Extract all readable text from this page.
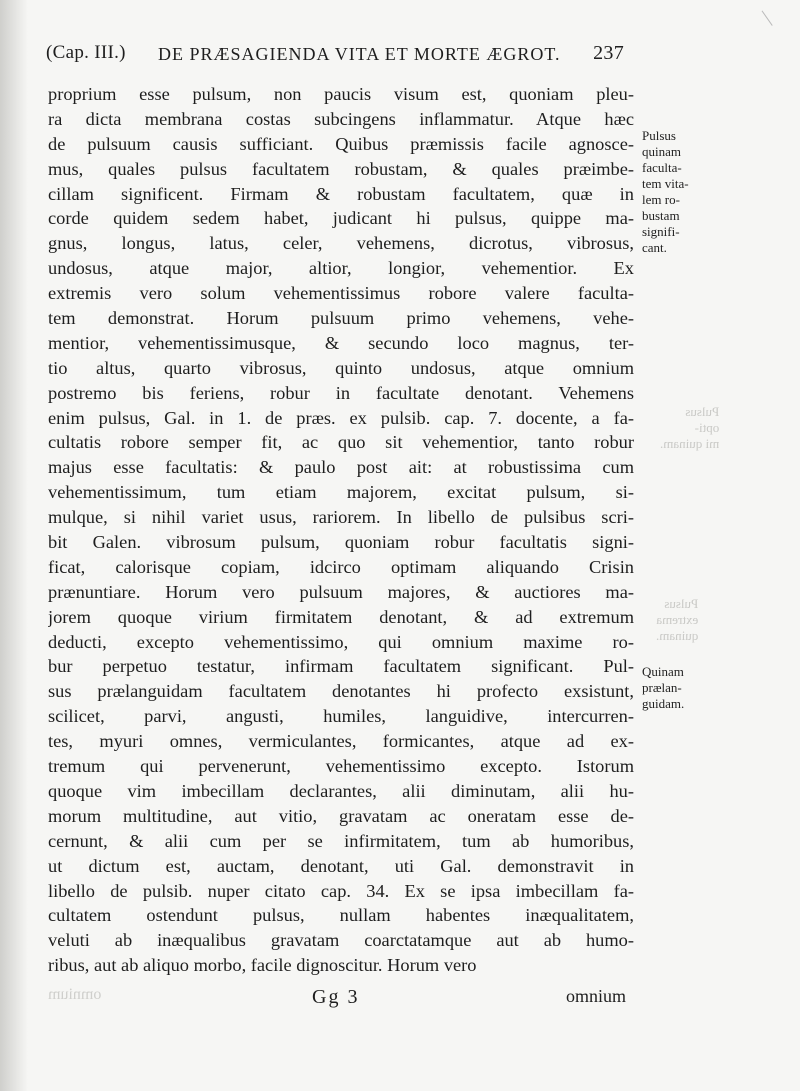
(Cap. III.) DE PRÆSAGIENDA VITA ET MORTE ÆGROT. 237
proprium esse pulsum, non paucis visum est, quoniam pleu-
ra dicta membrana costas subcingens inflammatur. Atque hæc
de pulsuum causis sufficiant. Quibus præmissis facile agnosce-
mus, quales pulsus facultatem robustam, & quales præimbe-
cillam significent. Firmam & robustam facultatem, quæ in
corde quidem sedem habet, judicant hi pulsus, quippe ma-
gnus, longus, latus, celer, vehemens, dicrotus, vibrosus,
undosus, atque major, altior, longior, vehementior. Ex
extremis vero solum vehementissimus robore valere faculta-
tem demonstrat. Horum pulsuum primo vehemens, vehe-
mentior, vehementissimusque, & secundo loco magnus, ter-
tio altus, quarto vibrosus, quinto undosus, atque omnium
postremo bis feriens, robur in facultate denotant. Vehemens
enim pulsus, Gal. in 1. de præs. ex pulsib. cap. 7. docente, a fa-
cultatis robore semper fit, ac quo sit vehementior, tanto robur
majus esse facultatis: & paulo post ait: at robustissima cum
vehementissimum, tum etiam majorem, excitat pulsum, si-
mulque, si nihil variet usus, rariorem. In libello de pulsibus scri-
bit Galen. vibrosum pulsum, quoniam robur facultatis signi-
ficat, calorisque copiam, idcirco optimam aliquando Crisin
prænuntiare. Horum vero pulsuum majores, & auctiores ma-
jorem quoque virium firmitatem denotant, & ad extremum
deducti, excepto vehementissimo, qui omnium maxime ro-
bur perpetuo testatur, infirmam facultatem significant. Pul-
sus prælanguidam facultatem denotantes hi profecto exsistunt,
scilicet, parvi, angusti, humiles, languidive, intercurren-
tes, myuri omnes, vermiculantes, formicantes, atque ad ex-
tremum qui pervenerunt, vehementissimo excepto. Istorum
quoque vim imbecillam declarantes, alii diminutam, alii hu-
morum multitudine, aut vitio, gravatam ac oneratam esse de-
cernunt, & alii cum per se infirmitatem, tum ab humoribus,
ut dictum est, auctam, denotant, uti Gal. demonstravit in
libello de pulsib. nuper citato cap. 34. Ex se ipsa imbecillam fa-
cultatem ostendunt pulsus, nullam habentes inæqualitatem,
veluti ab inæqualibus gravatam coarctatamque aut ab humo-
ribus, aut ab aliquo morbo, facile dignoscitur. Horum vero
Pulsus
quinam
faculta-
tem vita-
lem ro-
bustam
signifi-
cant.
Quinam
prælan-
guidam.
Pulsus
opti-
mi quinam.
Pulsus
extrema
quinam.
omnium	Gg 3	omnium
